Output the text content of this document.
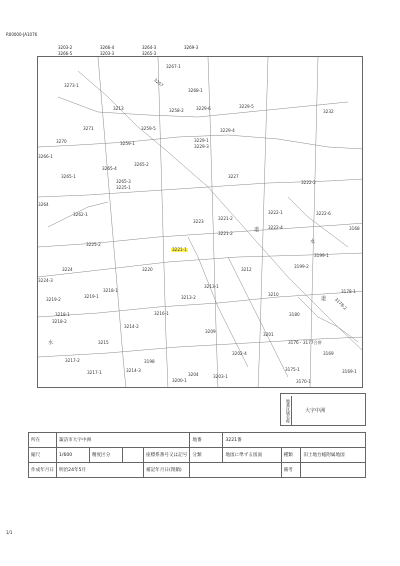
R00000-JA1076
3203-2	3266-4	3264-3	3269-3
3266-5	3203-3	3265-3
3267-1
3273-1
3268-1
3257
3213	3258-2	3229-6	3229-5
3232
3271	3259-5	3229-4
3270	3259-1
3229-1
3229-3
3265-2
3266-1
3265-1
3265-4
3265-3
3225-1
3227
3222-2
3264
3262-1
3223
3221-2
3222-1	3222-6
3221-2
3222-4	3168
3225-2
3221-1
3199-1
3224	3220	3212
3199-2
3224-3
3213-1
3178-1
3218-1
3210
3219-2
3219-1	3213-2	3178-2
3218-1	3216-1	3180
3218-2
3214-2
3209
3201
3215	3176・3177合併
3202-4	3169
3217-2	3198
3217-1	3214-3	3175-1	3169-1
3204	3203-1
3170-1
3200-1
道
水
道
水
地番区域名称	大字中洲
所在	諏訪市大字中洲				地番	3221番		
縮尺	1/600	精度区分		座標系番号又は記号	分類	地図に準ずる図面	種類	旧土地台帳附属地図
作成年月日	明治24年5月			補記年月日(閉鎖)			備考	
1/1
